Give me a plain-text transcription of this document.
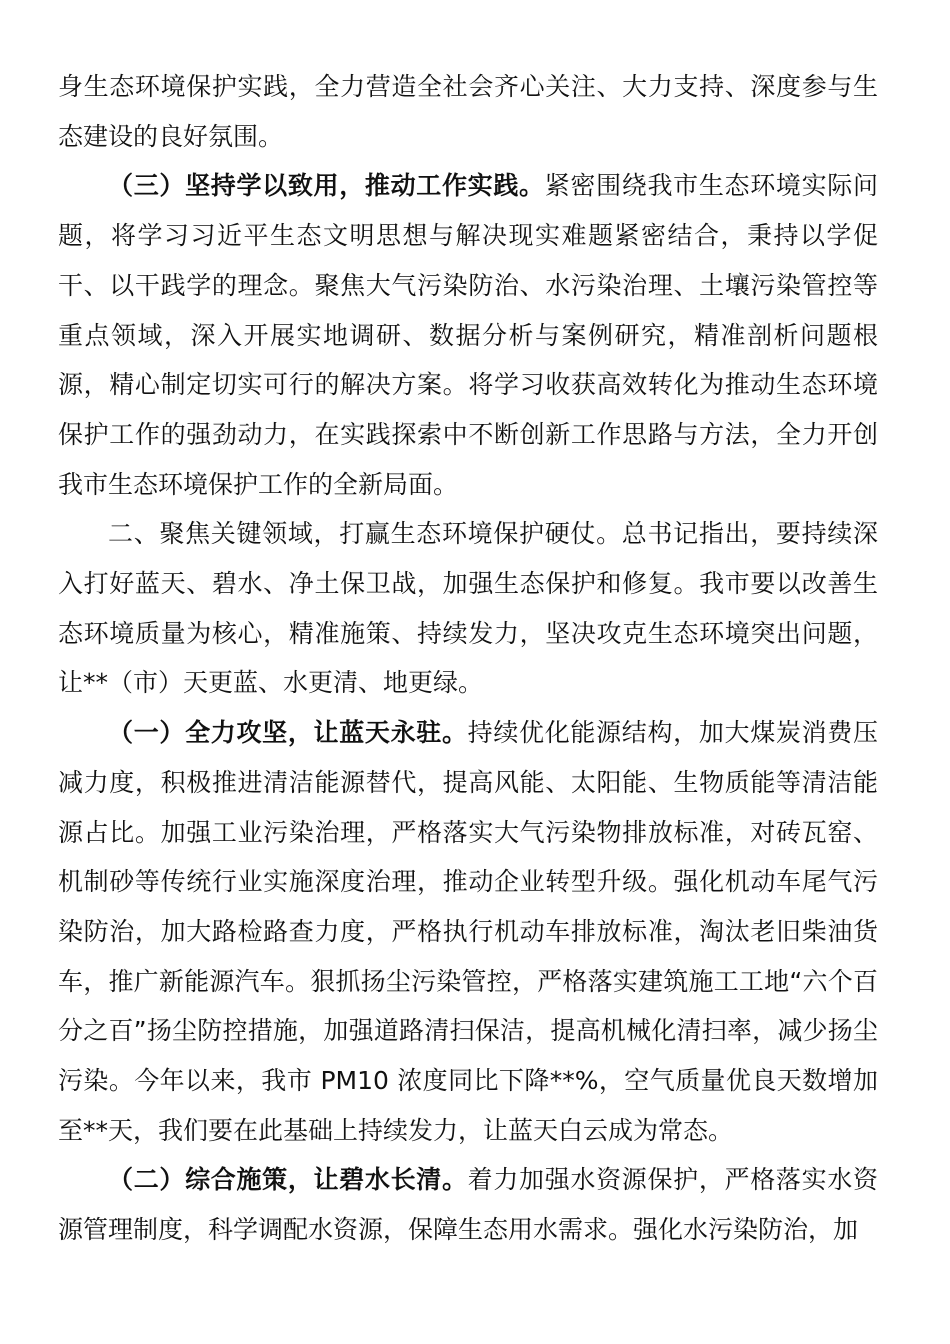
身生态环境保护实践，全力营造全社会齐心关注、大力支持、深度参与生态建设的良好氛围。

（三）坚持学以致用，推动工作实践。紧密围绕我市生态环境实际问题，将学习习近平生态文明思想与解决现实难题紧密结合，秉持以学促干、以干践学的理念。聚焦大气污染防治、水污染治理、土壤污染管控等重点领域，深入开展实地调研、数据分析与案例研究，精准剖析问题根源，精心制定切实可行的解决方案。将学习收获高效转化为推动生态环境保护工作的强劲动力，在实践探索中不断创新工作思路与方法，全力开创我市生态环境保护工作的全新局面。

二、聚焦关键领域，打赢生态环境保护硬仗。总书记指出，要持续深入打好蓝天、碧水、净土保卫战，加强生态保护和修复。我市要以改善生态环境质量为核心，精准施策、持续发力，坚决攻克生态环境突出问题，让**（市）天更蓝、水更清、地更绿。

（一）全力攻坚，让蓝天永驻。持续优化能源结构，加大煤炭消费压减力度，积极推进清洁能源替代，提高风能、太阳能、生物质能等清洁能源占比。加强工业污染治理，严格落实大气污染物排放标准，对砖瓦窑、机制砂等传统行业实施深度治理，推动企业转型升级。强化机动车尾气污染防治，加大路检路查力度，严格执行机动车排放标准，淘汰老旧柴油货车，推广新能源汽车。狠抓扬尘污染管控，严格落实建筑施工工地“六个百分之百”扬尘防控措施，加强道路清扫保洁，提高机械化清扫率，减少扬尘污染。今年以来，我市 PM10 浓度同比下降**%，空气质量优良天数增加至**天，我们要在此基础上持续发力，让蓝天白云成为常态。

（二）综合施策，让碧水长清。着力加强水资源保护，严格落实水资源管理制度，科学调配水资源，保障生态用水需求。强化水污染防治，加
